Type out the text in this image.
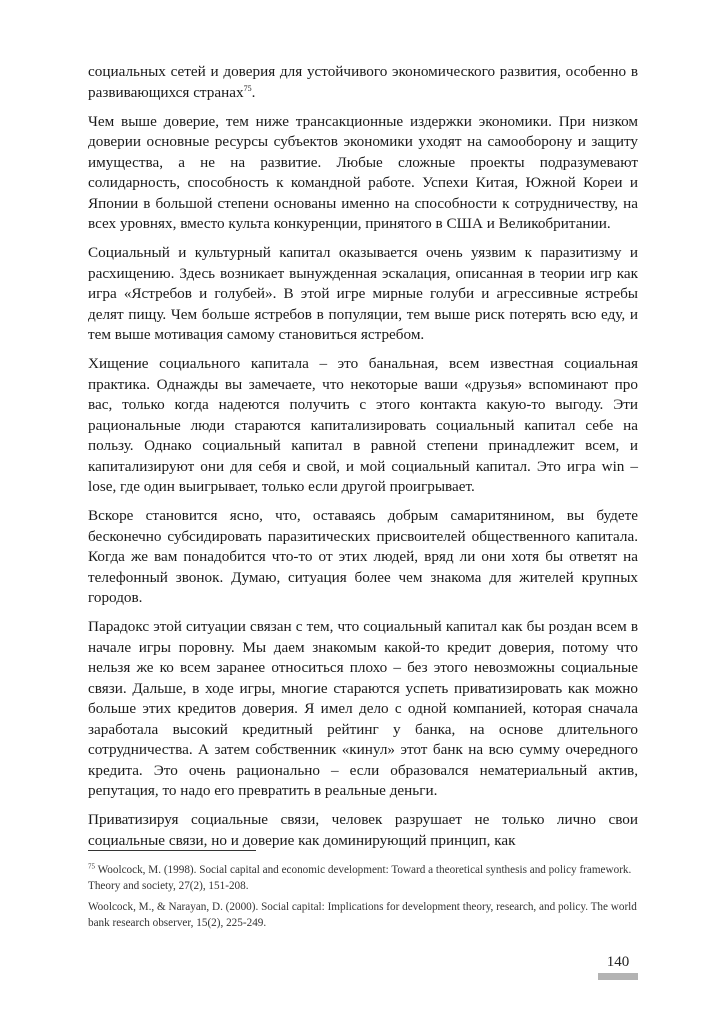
социальных сетей и доверия для устойчивого экономического развития, особенно в развивающихся странах$^{75}$.

Чем выше доверие, тем ниже трансакционные издержки экономики. При низком доверии основные ресурсы субъектов экономики уходят на самооборону и защиту имущества, а не на развитие. Любые сложные проекты подразумевают солидарность, способность к командной работе. Успехи Китая, Южной Кореи и Японии в большой степени основаны именно на способности к сотрудничеству, на всех уровнях, вместо культа конкуренции, принятого в США и Великобритании.

Социальный и культурный капитал оказывается очень уязвим к паразитизму и расхищению. Здесь возникает вынужденная эскалация, описанная в теории игр как игра «Ястребов и голубей». В этой игре мирные голуби и агрессивные ястребы делят пищу. Чем больше ястребов в популяции, тем выше риск потерять всю еду, и тем выше мотивация самому становиться ястребом.

Хищение социального капитала – это банальная, всем известная социальная практика. Однажды вы замечаете, что некоторые ваши «друзья» вспоминают про вас, только когда надеются получить с этого контакта какую-то выгоду. Эти рациональные люди стараются капитализировать социальный капитал себе на пользу. Однако социальный капитал в равной степени принадлежит всем, и капитализируют они для себя и свой, и мой социальный капитал. Это игра win – lose, где один выигрывает, только если другой проигрывает.

Вскоре становится ясно, что, оставаясь добрым самаритянином, вы будете бесконечно субсидировать паразитических присвоителей общественного капитала. Когда же вам понадобится что-то от этих людей, вряд ли они хотя бы ответят на телефонный звонок. Думаю, ситуация более чем знакома для жителей крупных городов.

Парадокс этой ситуации связан с тем, что социальный капитал как бы роздан всем в начале игры поровну. Мы даем знакомым какой-то кредит доверия, потому что нельзя же ко всем заранее относиться плохо – без этого невозможны социальные связи. Дальше, в ходе игры, многие стараются успеть приватизировать как можно больше этих кредитов доверия. Я имел дело с одной компанией, которая сначала заработала высокий кредитный рейтинг у банка, на основе длительного сотрудничества. А затем собственник «кинул» этот банк на всю сумму очередного кредита. Это очень рационально – если образовался нематериальный актив, репутация, то надо его превратить в реальные деньги.

Приватизируя социальные связи, человек разрушает не только лично свои социальные связи, но и доверие как доминирующий принцип, как

$^{75}$ Woolcock, M. (1998). Social capital and economic development: Toward a theoretical synthesis and policy framework. Theory and society, 27(2), 151-208.

Woolcock, M., & Narayan, D. (2000). Social capital: Implications for development theory, research, and policy. The world bank research observer, 15(2), 225-249.

140
